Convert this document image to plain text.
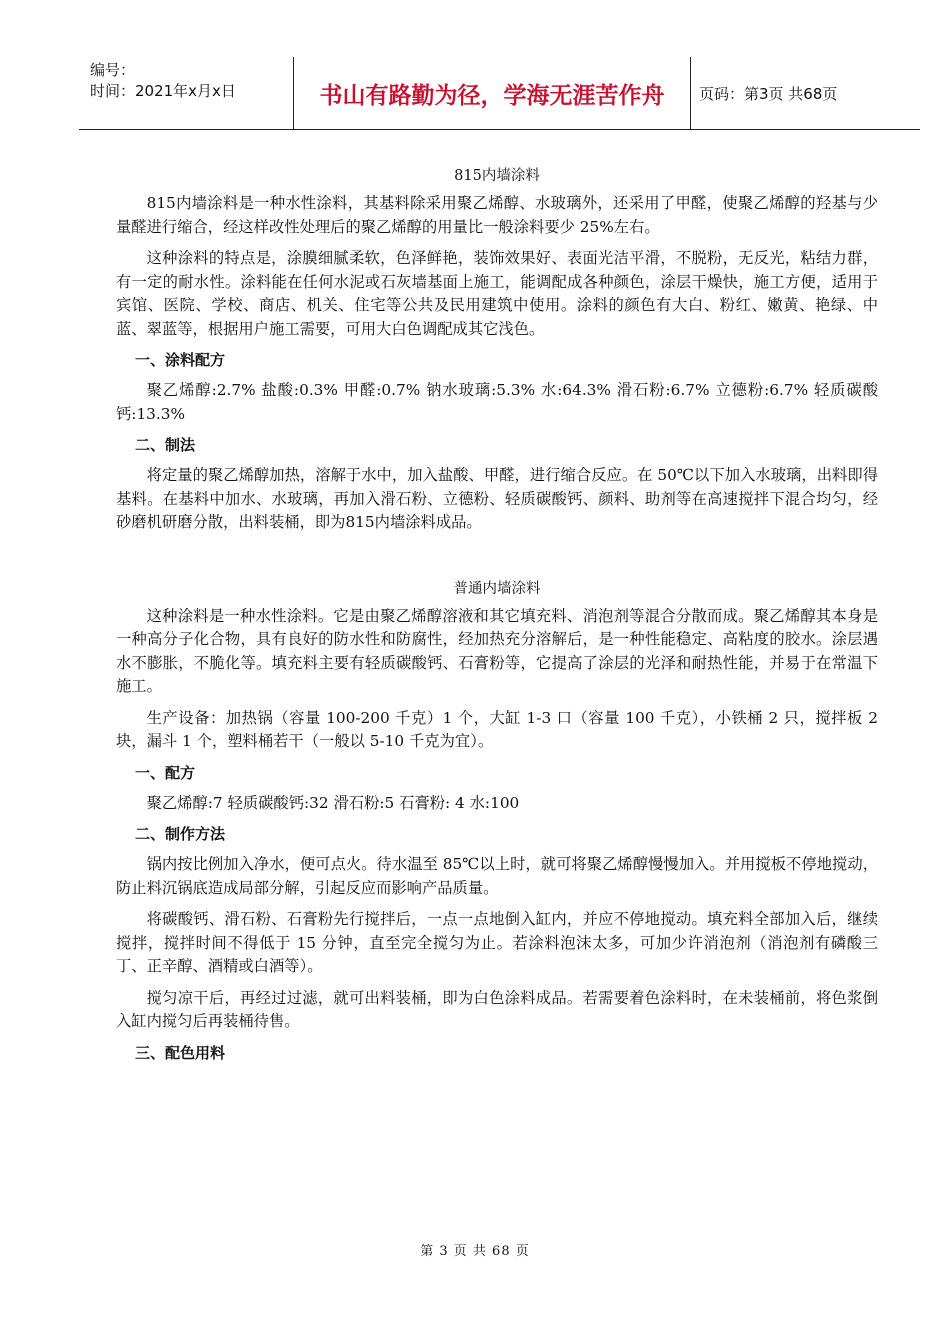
编号：
时间：2021年x月x日	书山有路勤为径，学海无涯苦作舟	页码：第3页 共68页
815内墙涂料

815内墙涂料是一种水性涂料，其基料除采用聚乙烯醇、水玻璃外，还采用了甲醛，使聚乙烯醇的羟基与少量醛进行缩合，经这样改性处理后的聚乙烯醇的用量比一般涂料要少 25%左右。

这种涂料的特点是，涂膜细腻柔软，色泽鲜艳，装饰效果好、表面光洁平滑，不脱粉，无反光，粘结力群，有一定的耐水性。涂料能在任何水泥或石灰墙基面上施工，能调配成各种颜色，涂层干燥快，施工方便，适用于宾馆、医院、学校、商店、机关、住宅等公共及民用建筑中使用。涂料的颜色有大白、粉红、嫩黄、艳绿、中蓝、翠蓝等，根据用户施工需要，可用大白色调配成其它浅色。

一、涂料配方

聚乙烯醇:2.7% 盐酸:0.3% 甲醛:0.7% 钠水玻璃:5.3% 水:64.3% 滑石粉:6.7% 立德粉:6.7% 轻质碳酸钙:13.3%

二、制法

将定量的聚乙烯醇加热，溶解于水中，加入盐酸、甲醛，进行缩合反应。在 50℃以下加入水玻璃，出料即得基料。在基料中加水、水玻璃，再加入滑石粉、立德粉、轻质碳酸钙、颜料、助剂等在高速搅拌下混合均匀，经砂磨机研磨分散，出料装桶，即为815内墙涂料成品。

普通内墙涂料

这种涂料是一种水性涂料。它是由聚乙烯醇溶液和其它填充料、消泡剂等混合分散而成。聚乙烯醇其本身是一种高分子化合物，具有良好的防水性和防腐性，经加热充分溶解后，是一种性能稳定、高粘度的胶水。涂层遇水不膨胀，不脆化等。填充料主要有轻质碳酸钙、石膏粉等，它提高了涂层的光泽和耐热性能，并易于在常温下施工。

生产设备：加热锅（容量 100-200 千克）1 个，大缸 1-3 口（容量 100 千克），小铁桶 2 只，搅拌板 2 块，漏斗 1 个，塑料桶若干（一般以 5-10 千克为宜）。

一、配方

聚乙烯醇:7 轻质碳酸钙:32 滑石粉:5 石膏粉: 4 水:100

二、制作方法

锅内按比例加入净水，便可点火。待水温至 85℃以上时，就可将聚乙烯醇慢慢加入。并用搅板不停地搅动，防止料沉锅底造成局部分解，引起反应而影响产品质量。

将碳酸钙、滑石粉、石膏粉先行搅拌后，一点一点地倒入缸内，并应不停地搅动。填充料全部加入后，继续搅拌，搅拌时间不得低于 15 分钟，直至完全搅匀为止。若涂料泡沫太多，可加少许消泡剂（消泡剂有磷酸三丁、正辛醇、酒精或白酒等）。

搅匀凉干后，再经过过滤，就可出料装桶，即为白色涂料成品。若需要着色涂料时，在未装桶前，将色浆倒入缸内搅匀后再装桶待售。

三、配色用料
第 3 页 共 68 页
